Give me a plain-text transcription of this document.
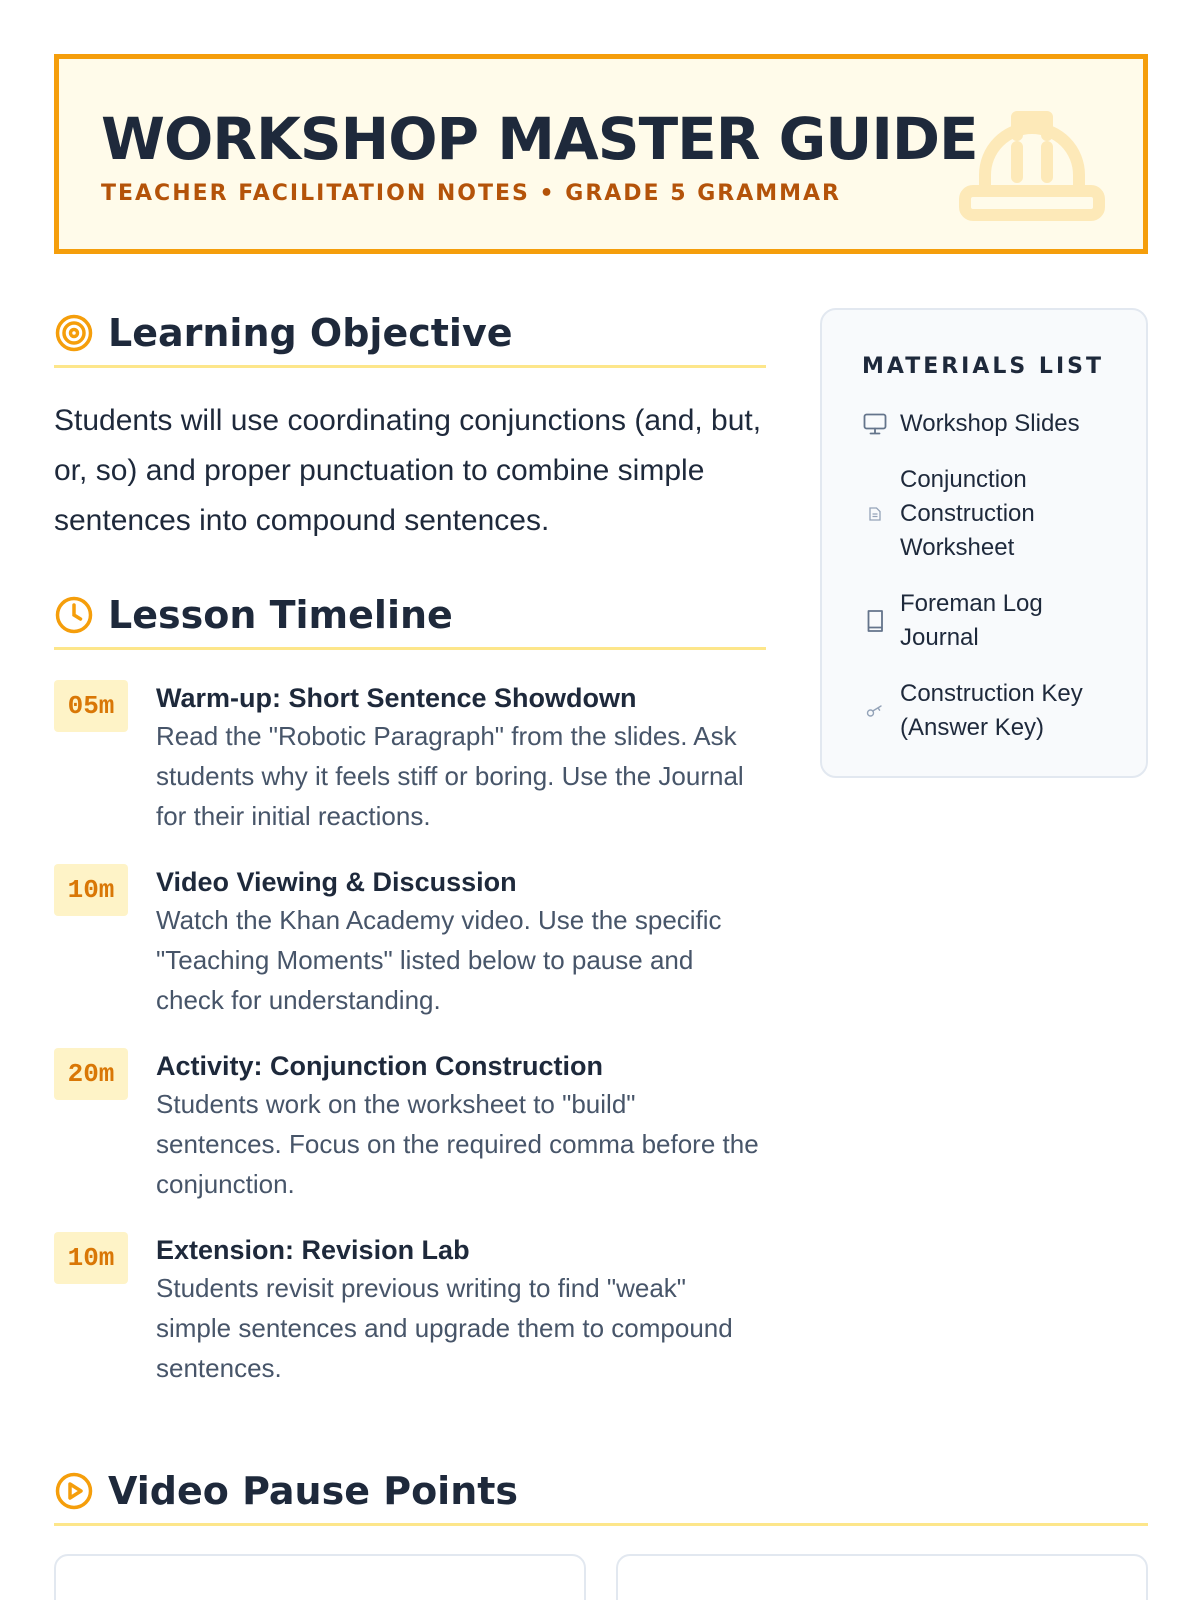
WORKSHOP MASTER GUIDE
TEACHER FACILITATION NOTES • GRADE 5 GRAMMAR
Learning Objective

Students will use coordinating conjunctions (and, but, or, so) and proper punctuation to combine simple sentences into compound sentences.

Lesson Timeline
05m	Warm-up: Short Sentence Showdown
Read the "Robotic Paragraph" from the slides. Ask students why it feels stiff or boring. Use the Journal for their initial reactions.
10m	Video Viewing & Discussion
Watch the Khan Academy video. Use the specific "Teaching Moments" listed below to pause and check for understanding.
20m	Activity: Conjunction Construction
Students work on the worksheet to "build" sentences. Focus on the required comma before the conjunction.
10m	Extension: Revision Lab
Students revisit previous writing to find "weak" simple sentences and upgrade them to compound sentences.
MATERIALS LIST
Workshop Slides
Conjunction Construction Worksheet
Foreman Log Journal
Construction Key (Answer Key)
Video Pause Points
